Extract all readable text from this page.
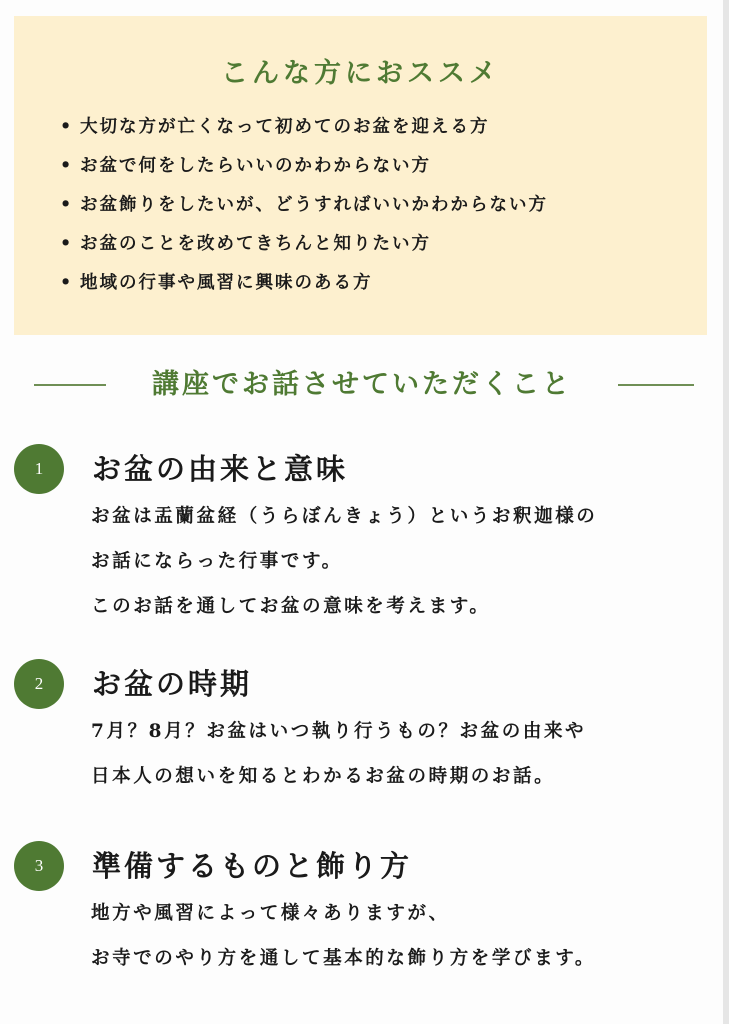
こんな方におススメ
• 大切な方が亡くなって初めてのお盆を迎える方
• お盆で何をしたらいいのかわからない方
• お盆飾りをしたいが、どうすればいいかわからない方
• お盆のことを改めてきちんと知りたい方
• 地域の行事や風習に興味のある方
講座でお話させていただくこと
1	お盆の由来と意味

お盆は盂蘭盆経（うらぼんきょう）というお釈迦様の

お話にならった行事です。

このお話を通してお盆の意味を考えます。

2	お盆の時期

7月？8月？お盆はいつ執り行うもの？お盆の由来や

日本人の想いを知るとわかるお盆の時期のお話。

3	準備するものと飾り方

地方や風習によって様々ありますが、

お寺でのやり方を通して基本的な飾り方を学びます。
